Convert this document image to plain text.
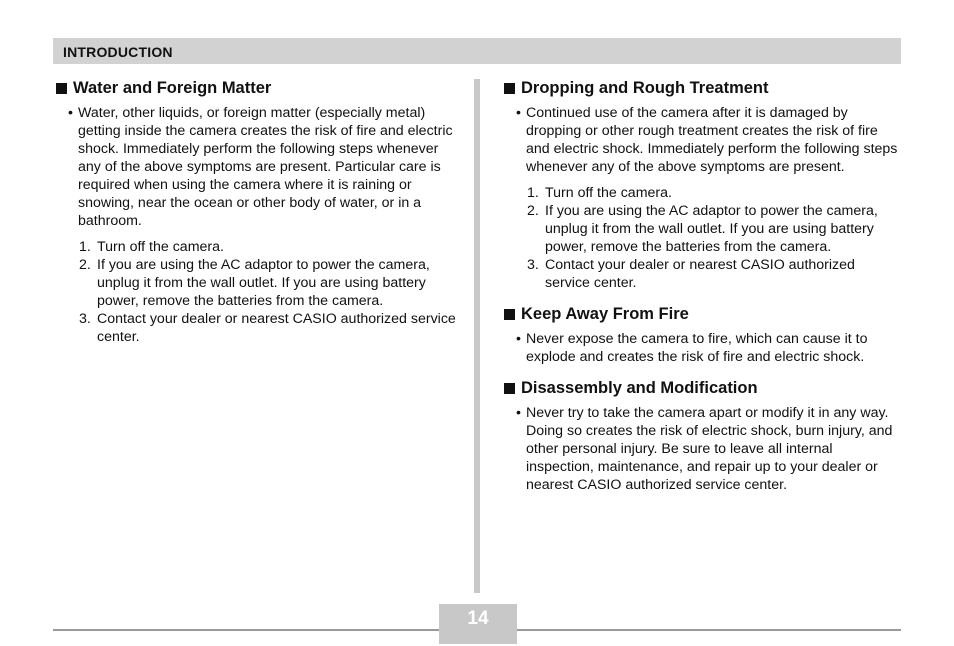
INTRODUCTION
Water and Foreign Matter

• Water, other liquids, or foreign matter (especially metal) getting inside the camera creates the risk of fire and electric shock. Immediately perform the following steps whenever any of the above symptoms are present. Particular care is required when using the camera where it is raining or snowing, near the ocean or other body of water, or in a bathroom.

1. Turn off the camera.
2. If you are using the AC adaptor to power the camera, unplug it from the wall outlet. If you are using battery power, remove the batteries from the camera.
3. Contact your dealer or nearest CASIO authorized service center.
Dropping and Rough Treatment

• Continued use of the camera after it is damaged by dropping or other rough treatment creates the risk of fire and electric shock. Immediately perform the following steps whenever any of the above symptoms are present.

1. Turn off the camera.
2. If you are using the AC adaptor to power the camera, unplug it from the wall outlet. If you are using battery power, remove the batteries from the camera.
3. Contact your dealer or nearest CASIO authorized service center.
Keep Away From Fire

• Never expose the camera to fire, which can cause it to explode and creates the risk of fire and electric shock.

Disassembly and Modification

• Never try to take the camera apart or modify it in any way. Doing so creates the risk of electric shock, burn injury, and other personal injury. Be sure to leave all internal inspection, maintenance, and repair up to your dealer or nearest CASIO authorized service center.

14
